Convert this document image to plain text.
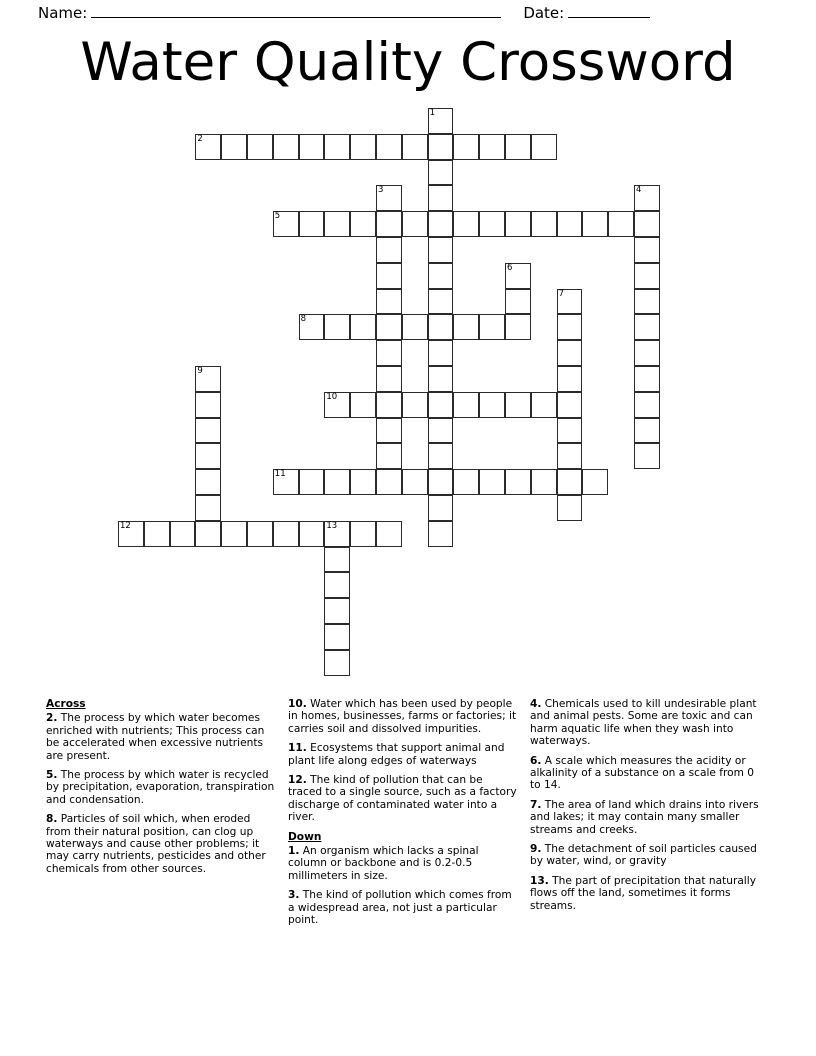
Name:	Date:
Water Quality Crossword
1
2
3	4
5
6
7
8
9
10
11
12	13
Across
2. The process by which water becomes enriched with nutrients; This process can be accelerated when excessive nutrients are present.
5. The process by which water is recycled by precipitation, evaporation, transpiration and condensation.
8. Particles of soil which, when eroded from their natural position, can clog up waterways and cause other problems; it may carry nutrients, pesticides and other chemicals from other sources.
10. Water which has been used by people in homes, businesses, farms or factories; it carries soil and dissolved impurities.
11. Ecosystems that support animal and plant life along edges of waterways
12. The kind of pollution that can be traced to a single source, such as a factory discharge of contaminated water into a river.
Down
1. An organism which lacks a spinal column or backbone and is 0.2-0.5 millimeters in size.
3. The kind of pollution which comes from a widespread area, not just a particular point.
4. Chemicals used to kill undesirable plant and animal pests. Some are toxic and can harm aquatic life when they wash into waterways.
6. A scale which measures the acidity or alkalinity of a substance on a scale from 0 to 14.
7. The area of land which drains into rivers and lakes; it may contain many smaller streams and creeks.
9. The detachment of soil particles caused by water, wind, or gravity
13. The part of precipitation that naturally flows off the land, sometimes it forms streams.
